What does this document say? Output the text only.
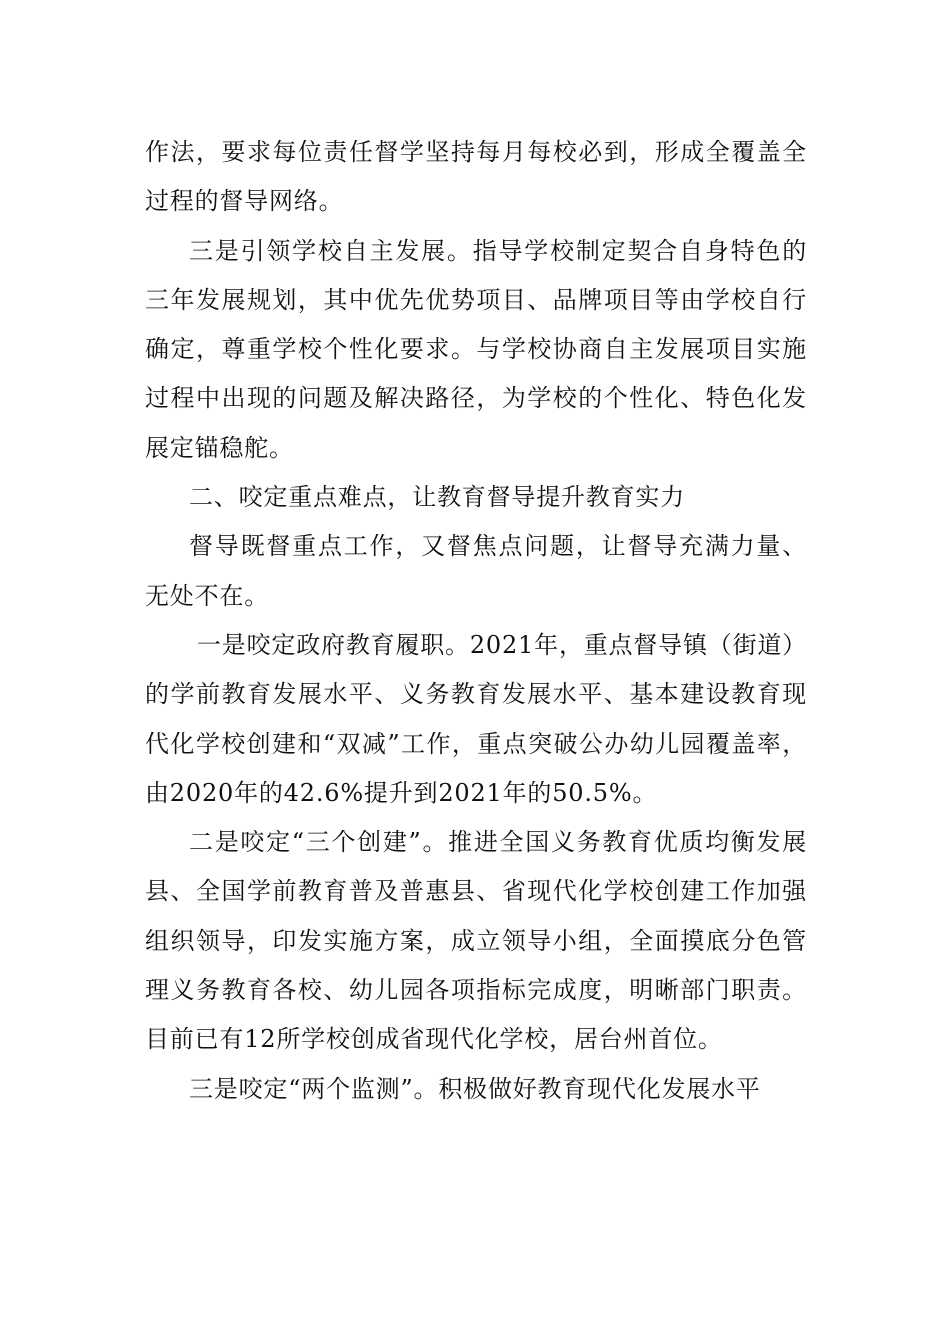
作法，要求每位责任督学坚持每月每校必到，形成全覆盖全过程的督导网络。

三是引领学校自主发展。指导学校制定契合自身特色的三年发展规划，其中优先优势项目、品牌项目等由学校自行确定，尊重学校个性化要求。与学校协商自主发展项目实施过程中出现的问题及解决路径，为学校的个性化、特色化发展定锚稳舵。

二、咬定重点难点，让教育督导提升教育实力

督导既督重点工作，又督焦点问题，让督导充满力量、无处不在。

一是咬定政府教育履职。2021年，重点督导镇（街道）的学前教育发展水平、义务教育发展水平、基本建设教育现代化学校创建和“双减”工作，重点突破公办幼儿园覆盖率，由2020年的42.6%提升到2021年的50.5%。

二是咬定“三个创建”。推进全国义务教育优质均衡发展县、全国学前教育普及普惠县、省现代化学校创建工作加强组织领导，印发实施方案，成立领导小组，全面摸底分色管理义务教育各校、幼儿园各项指标完成度，明晰部门职责。目前已有12所学校创成省现代化学校，居台州首位。

三是咬定“两个监测”。积极做好教育现代化发展水平
